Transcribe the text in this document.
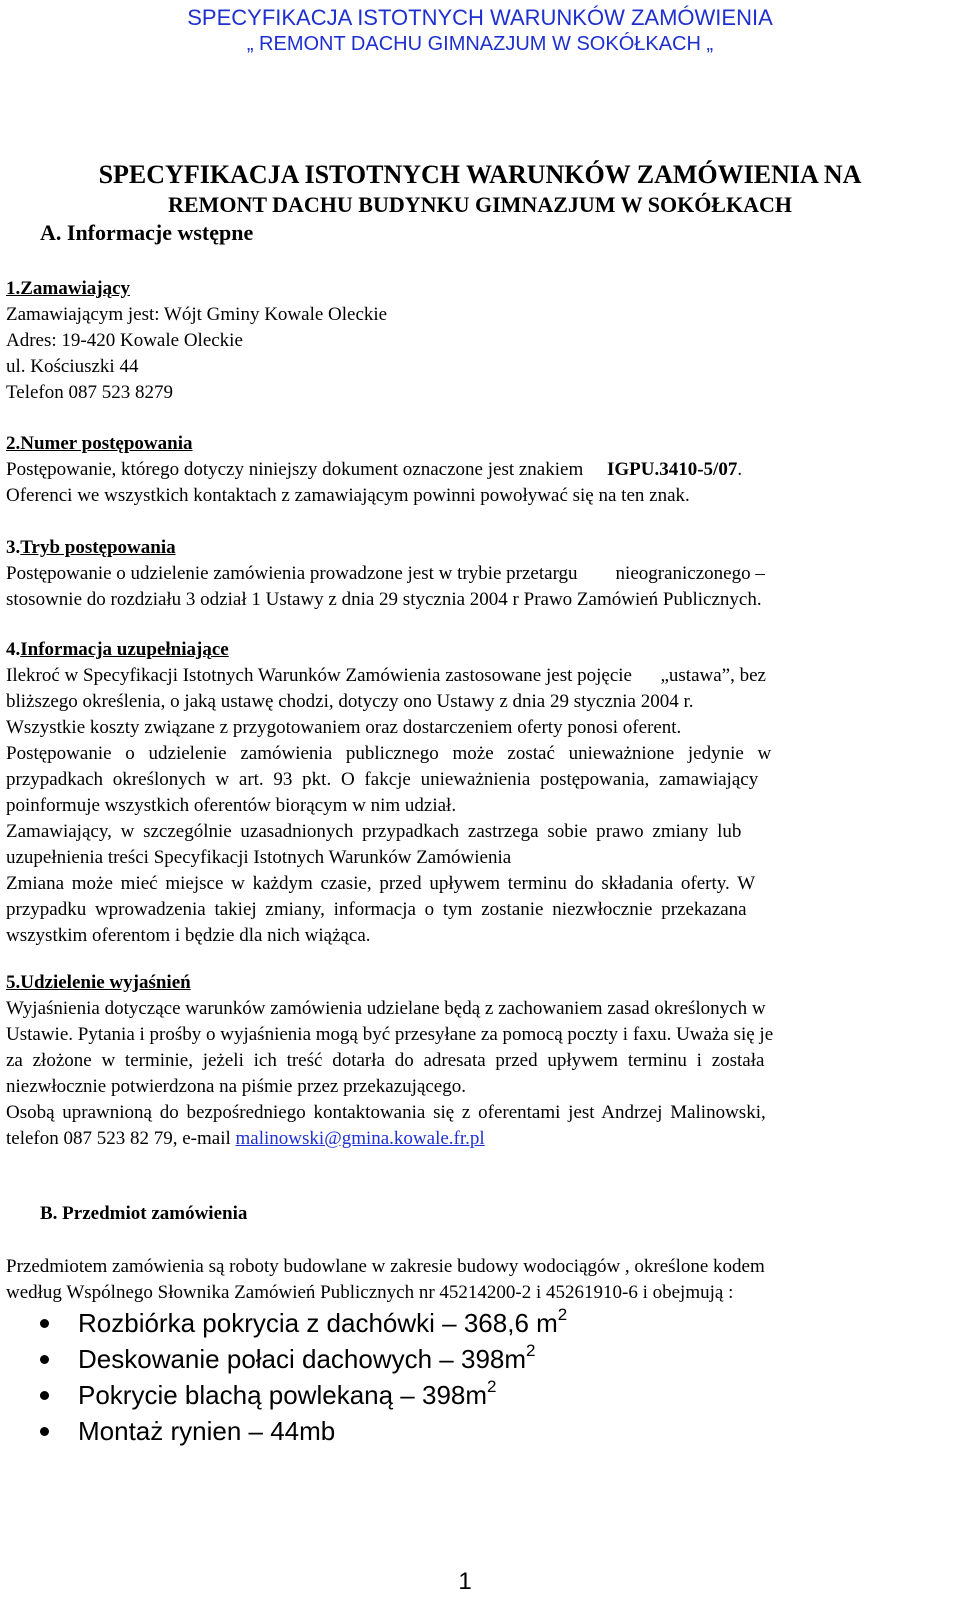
SPECYFIKACJA ISTOTNYCH WARUNKÓW ZAMÓWIENIA
„ REMONT DACHU GIMNAZJUM W SOKÓŁKACH „
SPECYFIKACJA ISTOTNYCH WARUNKÓW ZAMÓWIENIA NA
REMONT DACHU BUDYNKU GIMNAZJUM W SOKÓŁKACH
A. Informacje wstępne
1.Zamawiający
Zamawiającym jest: Wójt Gminy Kowale Oleckie
Adres: 19-420 Kowale Oleckie
ul. Kościuszki 44
Telefon 087 523 8279
2.Numer postępowania
Postępowanie, którego dotyczy niniejszy dokument oznaczone jest znakiem IGPU.3410-5/07.
Oferenci we wszystkich kontaktach z zamawiającym powinni powoływać się na ten znak.
3.Tryb postępowania
Postępowanie o udzielenie zamówienia prowadzone jest w trybie przetargu        nieograniczonego –
stosownie do rozdziału 3 odział 1 Ustawy z dnia 29 stycznia 2004 r Prawo Zamówień Publicznych.
4.Informacja uzupełniające
Ilekroć w Specyfikacji Istotnych Warunków Zamówienia zastosowane jest pojęcie      „ustawa”, bez
bliższego określenia, o jaką ustawę chodzi, dotyczy ono Ustawy z dnia 29 stycznia 2004 r.
Wszystkie koszty związane z przygotowaniem oraz dostarczeniem oferty ponosi oferent.
Postępowanie o udzielenie zamówienia publicznego może zostać unieważnione jedynie w
przypadkach określonych w art. 93 pkt. O fakcje unieważnienia postępowania, zamawiający
poinformuje wszystkich oferentów biorącym w nim udział.
Zamawiający, w szczególnie uzasadnionych przypadkach zastrzega sobie prawo zmiany lub
uzupełnienia treści Specyfikacji Istotnych Warunków Zamówienia
Zmiana może mieć miejsce w każdym czasie, przed upływem terminu do składania oferty. W
przypadku wprowadzenia takiej zmiany, informacja o tym zostanie niezwłocznie przekazana
wszystkim oferentom i będzie dla nich wiążąca.
5.Udzielenie wyjaśnień
Wyjaśnienia dotyczące warunków zamówienia udzielane będą z zachowaniem zasad określonych w
Ustawie. Pytania i prośby o wyjaśnienia mogą być przesyłane za pomocą poczty i faxu. Uważa się je
za złożone w terminie, jeżeli ich treść dotarła do adresata przed upływem terminu i została
niezwłocznie potwierdzona na piśmie przez przekazującego.
Osobą uprawnioną do bezpośredniego kontaktowania się z oferentami jest Andrzej Malinowski,
telefon 087 523 82 79, e-mail malinowski@gmina.kowale.fr.pl
B. Przedmiot zamówienia
Przedmiotem zamówienia są roboty budowlane w zakresie budowy wodociągów , określone kodem
według Wspólnego Słownika Zamówień Publicznych nr 45214200-2 i 45261910-6 i obejmują :
Rozbiórka pokrycia z dachówki – 368,6 $m^2$
Deskowanie połaci dachowych – $398m^2$
Pokrycie blachą powlekaną – $398m^2$
Montaż rynien – 44mb
1
